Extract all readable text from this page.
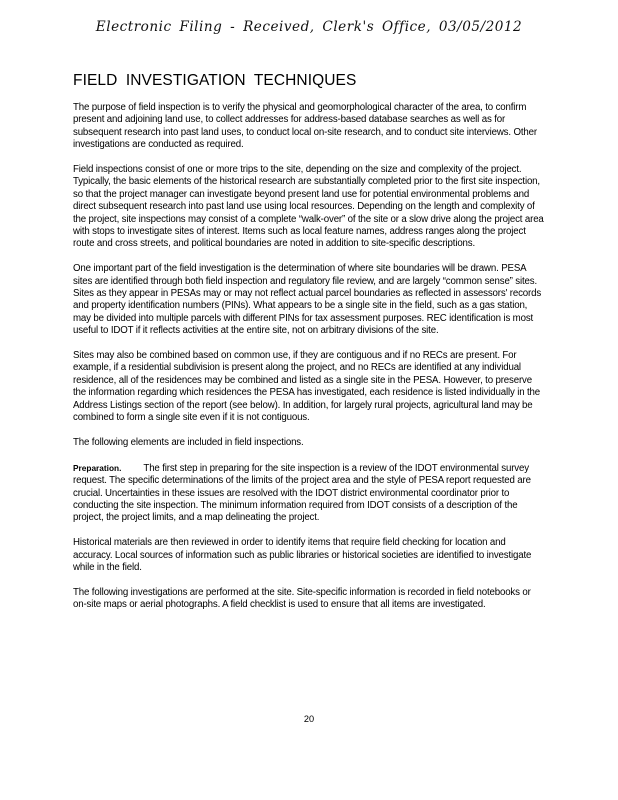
Electronic Filing - Received, Clerk's Office, 03/05/2012
FIELD INVESTIGATION TECHNIQUES

The purpose of field inspection is to verify the physical and geomorphological character of the area, to confirm present and adjoining land use, to collect addresses for address-based database searches as well as for subsequent research into past land uses, to conduct local on-site research, and to conduct site interviews. Other investigations are conducted as required.

Field inspections consist of one or more trips to the site, depending on the size and complexity of the project. Typically, the basic elements of the historical research are substantially completed prior to the first site inspection, so that the project manager can investigate beyond present land use for potential environmental problems and direct subsequent research into past land use using local resources. Depending on the length and complexity of the project, site inspections may consist of a complete “walk-over” of the site or a slow drive along the project area with stops to investigate sites of interest. Items such as local feature names, address ranges along the project route and cross streets, and political boundaries are noted in addition to site-specific descriptions.

One important part of the field investigation is the determination of where site boundaries will be drawn. PESA sites are identified through both field inspection and regulatory file review, and are largely “common sense” sites. Sites as they appear in PESAs may or may not reflect actual parcel boundaries as reflected in assessors' records and property identification numbers (PINs). What appears to be a single site in the field, such as a gas station, may be divided into multiple parcels with different PINs for tax assessment purposes. REC identification is most useful to IDOT if it reflects activities at the entire site, not on arbitrary divisions of the site.

Sites may also be combined based on common use, if they are contiguous and if no RECs are present. For example, if a residential subdivision is present along the project, and no RECs are identified at any individual residence, all of the residences may be combined and listed as a single site in the PESA. However, to preserve the information regarding which residences the PESA has investigated, each residence is listed individually in the Address Listings section of the report (see below). In addition, for largely rural projects, agricultural land may be combined to form a single site even if it is not contiguous.

The following elements are included in field inspections.

Preparation. The first step in preparing for the site inspection is a review of the IDOT environmental survey request. The specific determinations of the limits of the project area and the style of PESA report requested are crucial. Uncertainties in these issues are resolved with the IDOT district environmental coordinator prior to conducting the site inspection. The minimum information required from IDOT consists of a description of the project, the project limits, and a map delineating the project.

Historical materials are then reviewed in order to identify items that require field checking for location and accuracy. Local sources of information such as public libraries or historical societies are identified to investigate while in the field.

The following investigations are performed at the site. Site-specific information is recorded in field notebooks or on-site maps or aerial photographs. A field checklist is used to ensure that all items are investigated.

20
